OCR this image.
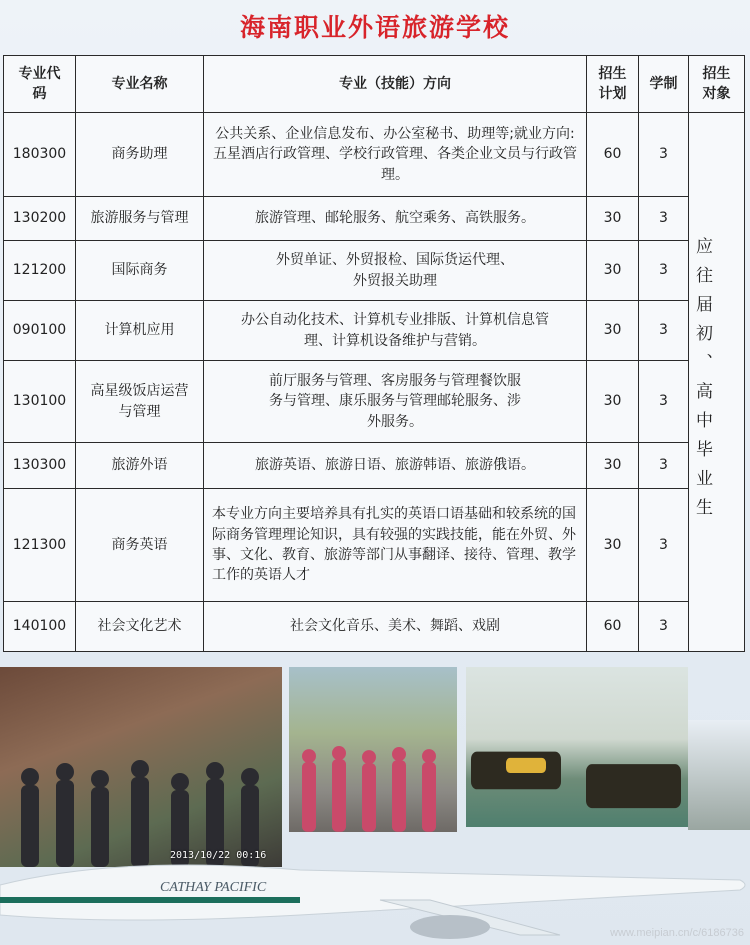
海南职业外语旅游学校
专业代码	专业名称	专业（技能）方向	招生计划	学制	招生对象
180300	商务助理	公共关系、企业信息发布、办公室秘书、助理等;就业方向:五星酒店行政管理、学校行政管理、各类企业文员与行政管理。	60	3	应往届初、高中毕业生

130200	旅游服务与管理	旅游管理、邮轮服务、航空乘务、高铁服务。	30	3	
121200	国际商务	外贸单证、外贸报检、国际货运代理、外贸报关助理	30	3	
090100	计算机应用	办公自动化技术、计算机专业排版、计算机信息管理、计算机设备维护与营销。	30	3	
130100	高星级饭店运营与管理	前厅服务与管理、客房服务与管理餐饮服务与管理、康乐服务与管理邮轮服务、涉外服务。	30	3	
130300	旅游外语	旅游英语、旅游日语、旅游韩语、旅游俄语。	30	3	
121300	商务英语	本专业方向主要培养具有扎实的英语口语基础和较系统的国际商务管理理论知识，具有较强的实践技能，能在外贸、外事、文化、教育、旅游等部门从事翻译、接待、管理、教学工作的英语人才	30	3	
140100	社会文化艺术	社会文化音乐、美术、舞蹈、戏剧	60	3	
2013/10/22 00:16
CATHAY PACIFIC
www.meipian.cn/c/6186736
